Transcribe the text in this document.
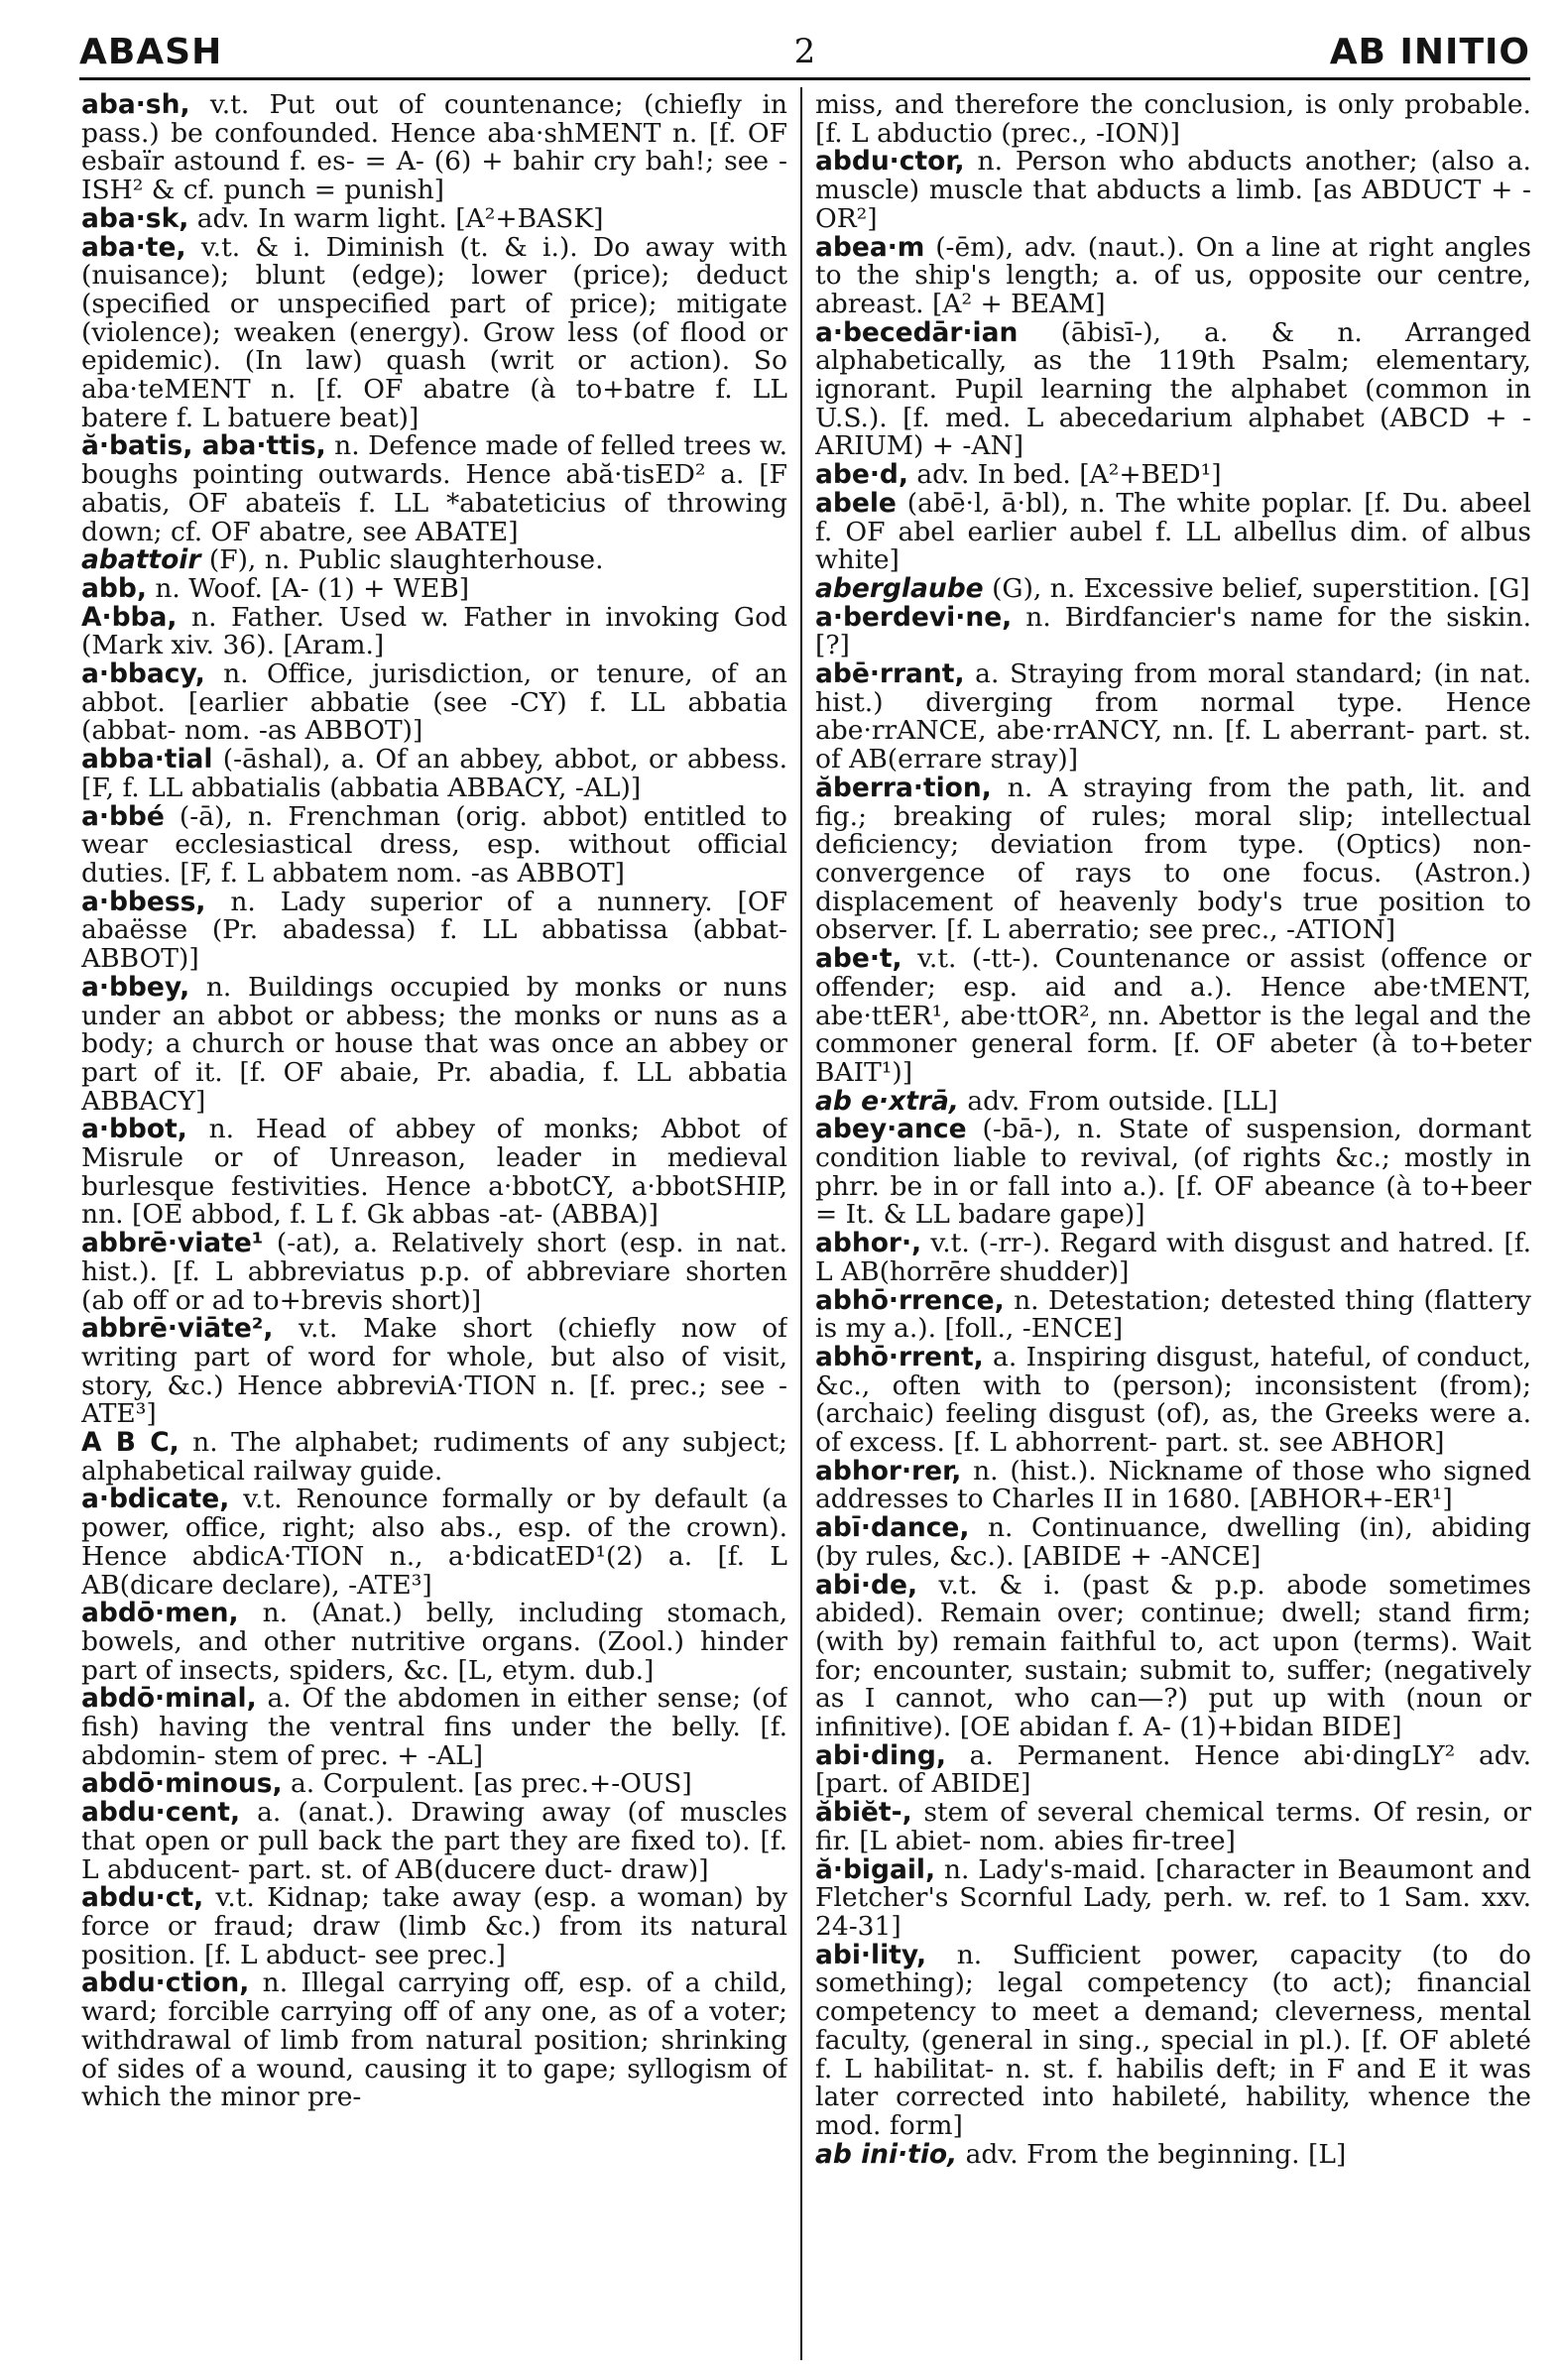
ABASH	2	AB INITIO

aba·sh, v.t. Put out of countenance; (chiefly in pass.) be confounded. Hence aba·shMENT n. [f. OF esbaïr astound f. es- = A- (6) + bahir cry bah!; see -ISH² & cf. punch = punish]

aba·sk, adv. In warm light. [A²+BASK]

aba·te, v.t. & i. Diminish (t. & i.). Do away with (nuisance); blunt (edge); lower (price); deduct (specified or unspecified part of price); mitigate (violence); weaken (energy). Grow less (of flood or epidemic). (In law) quash (writ or action). So aba·teMENT n. [f. OF abatre (à to+batre f. LL batere f. L batuere beat)]

ă·batis, aba·ttis, n. Defence made of felled trees w. boughs pointing outwards. Hence abă·tisED² a. [F abatis, OF abateïs f. LL *abateticius of throwing down; cf. OF abatre, see ABATE]

abattoir (F), n. Public slaughterhouse.

abb, n. Woof. [A- (1) + WEB]

A·bba, n. Father. Used w. Father in invoking God (Mark xiv. 36). [Aram.]

a·bbacy, n. Office, jurisdiction, or tenure, of an abbot. [earlier abbatie (see -CY) f. LL abbatia (abbat- nom. -as ABBOT)]

abba·tial (-āshal), a. Of an abbey, abbot, or abbess. [F, f. LL abbatialis (abbatia ABBACY, -AL)]

a·bbé (-ā), n. Frenchman (orig. abbot) entitled to wear ecclesiastical dress, esp. without official duties. [F, f. L abbatem nom. -as ABBOT]

a·bbess, n. Lady superior of a nunnery. [OF abaësse (Pr. abadessa) f. LL abbatissa (abbat- ABBOT)]

a·bbey, n. Buildings occupied by monks or nuns under an abbot or abbess; the monks or nuns as a body; a church or house that was once an abbey or part of it. [f. OF abaie, Pr. abadia, f. LL abbatia ABBACY]

a·bbot, n. Head of abbey of monks; Abbot of Misrule or of Unreason, leader in medieval burlesque festivities. Hence a·bbotCY, a·bbotSHIP, nn. [OE abbod, f. L f. Gk abbas -at- (ABBA)]

abbrē·viate¹ (-at), a. Relatively short (esp. in nat. hist.). [f. L abbreviatus p.p. of abbreviare shorten (ab off or ad to+brevis short)]

abbrē·viāte², v.t. Make short (chiefly now of writing part of word for whole, but also of visit, story, &c.) Hence abbreviA·TION n. [f. prec.; see -ATE³]

A B C, n. The alphabet; rudiments of any subject; alphabetical railway guide.

a·bdicate, v.t. Renounce formally or by default (a power, office, right; also abs., esp. of the crown). Hence abdicA·TION n., a·bdicatED¹(2) a. [f. L AB(dicare declare), -ATE³]

abdō·men, n. (Anat.) belly, including stomach, bowels, and other nutritive organs. (Zool.) hinder part of insects, spiders, &c. [L, etym. dub.]

abdō·minal, a. Of the abdomen in either sense; (of fish) having the ventral fins under the belly. [f. abdomin- stem of prec. + -AL]

abdō·minous, a. Corpulent. [as prec.+-OUS]

abdu·cent, a. (anat.). Drawing away (of muscles that open or pull back the part they are fixed to). [f. L abducent- part. st. of AB(ducere duct- draw)]

abdu·ct, v.t. Kidnap; take away (esp. a woman) by force or fraud; draw (limb &c.) from its natural position. [f. L abduct- see prec.]

abdu·ction, n. Illegal carrying off, esp. of a child, ward; forcible carrying off of any one, as of a voter; withdrawal of limb from natural position; shrinking of sides of a wound, causing it to gape; syllogism of which the minor pre-

miss, and therefore the conclusion, is only probable. [f. L abductio (prec., -ION)]

abdu·ctor, n. Person who abducts another; (also a. muscle) muscle that abducts a limb. [as ABDUCT + -OR²]

abea·m (-ēm), adv. (naut.). On a line at right angles to the ship's length; a. of us, opposite our centre, abreast. [A² + BEAM]

a·becedār·ian (ābisī-), a. & n. Arranged alphabetically, as the 119th Psalm; elementary, ignorant. Pupil learning the alphabet (common in U.S.). [f. med. L abecedarium alphabet (ABCD + -ARIUM) + -AN]

abe·d, adv. In bed. [A²+BED¹]

abele (abē·l, ā·bl), n. The white poplar. [f. Du. abeel f. OF abel earlier aubel f. LL albellus dim. of albus white]

aberglaube (G), n. Excessive belief, superstition. [G]

a·berdevi·ne, n. Birdfancier's name for the siskin. [?]

abē·rrant, a. Straying from moral standard; (in nat. hist.) diverging from normal type. Hence abe·rrANCE, abe·rrANCY, nn. [f. L aberrant- part. st. of AB(errare stray)]

ăberra·tion, n. A straying from the path, lit. and fig.; breaking of rules; moral slip; intellectual deficiency; deviation from type. (Optics) non-convergence of rays to one focus. (Astron.) displacement of heavenly body's true position to observer. [f. L aberratio; see prec., -ATION]

abe·t, v.t. (-tt-). Countenance or assist (offence or offender; esp. aid and a.). Hence abe·tMENT, abe·ttER¹, abe·ttOR², nn. Abettor is the legal and the commoner general form. [f. OF abeter (à to+beter BAIT¹)]

ab e·xtrā, adv. From outside. [LL]

abey·ance (-bā-), n. State of suspension, dormant condition liable to revival, (of rights &c.; mostly in phrr. be in or fall into a.). [f. OF abeance (à to+beer = It. & LL badare gape)]

abhor·, v.t. (-rr-). Regard with disgust and hatred. [f. L AB(horrēre shudder)]

abhō·rrence, n. Detestation; detested thing (flattery is my a.). [foll., -ENCE]

abhō·rrent, a. Inspiring disgust, hateful, of conduct, &c., often with to (person); inconsistent (from); (archaic) feeling disgust (of), as, the Greeks were a. of excess. [f. L abhorrent- part. st. see ABHOR]

abhor·rer, n. (hist.). Nickname of those who signed addresses to Charles II in 1680. [ABHOR+-ER¹]

abī·dance, n. Continuance, dwelling (in), abiding (by rules, &c.). [ABIDE + -ANCE]

abi·de, v.t. & i. (past & p.p. abode sometimes abided). Remain over; continue; dwell; stand firm; (with by) remain faithful to, act upon (terms). Wait for; encounter, sustain; submit to, suffer; (negatively as I cannot, who can—?) put up with (noun or infinitive). [OE abidan f. A- (1)+bidan BIDE]

abi·ding, a. Permanent. Hence abi·dingLY² adv. [part. of ABIDE]

ăbiĕt-, stem of several chemical terms. Of resin, or fir. [L abiet- nom. abies fir-tree]

ă·bigail, n. Lady's-maid. [character in Beaumont and Fletcher's Scornful Lady, perh. w. ref. to 1 Sam. xxv. 24-31]

abi·lity, n. Sufficient power, capacity (to do something); legal competency (to act); financial competency to meet a demand; cleverness, mental faculty, (general in sing., special in pl.). [f. OF ableté f. L habilitat- n. st. f. habilis deft; in F and E it was later corrected into habileté, hability, whence the mod. form]

ab ini·tio, adv. From the beginning. [L]
